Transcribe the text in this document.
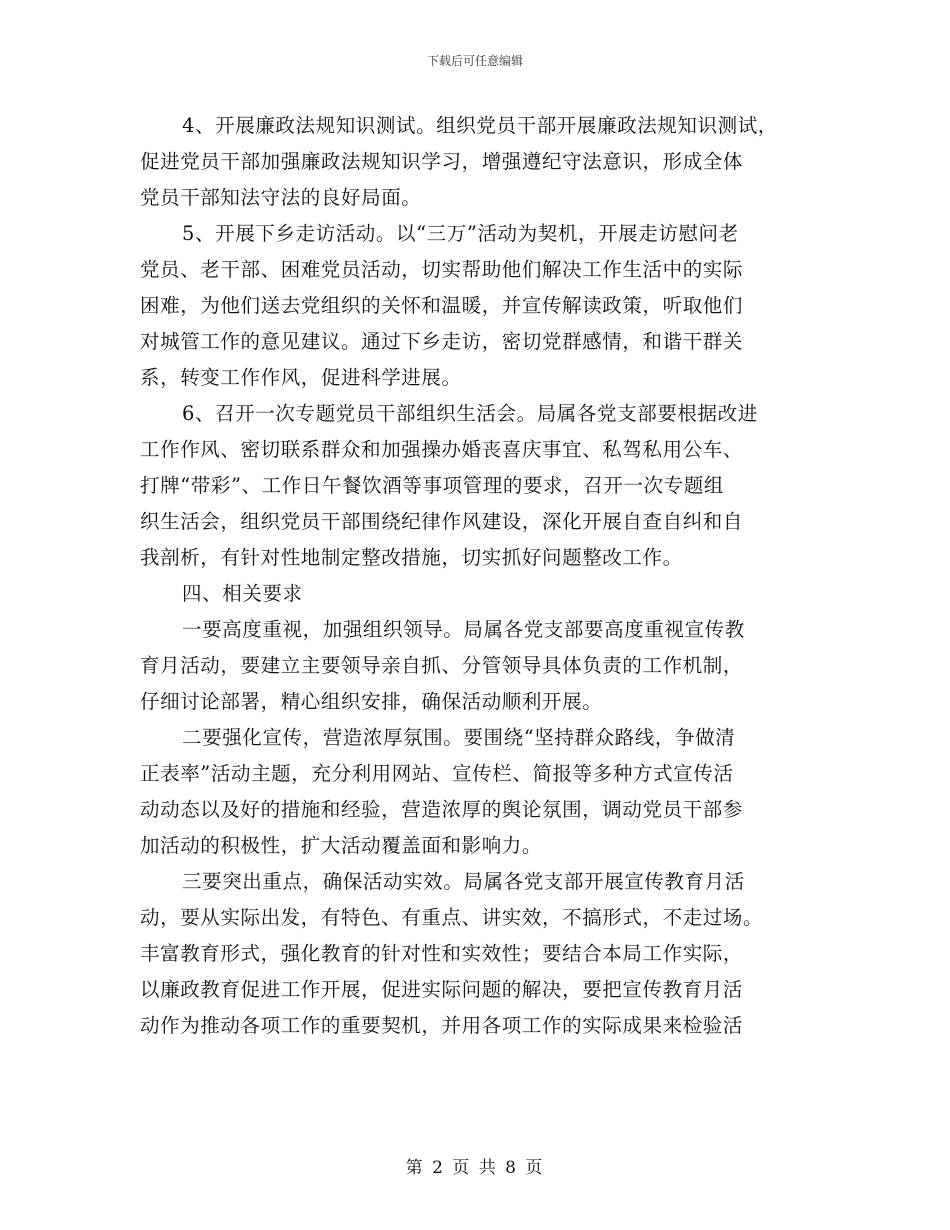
下载后可任意编辑
4、开展廉政法规知识测试。组织党员干部开展廉政法规知识测试，
促进党员干部加强廉政法规知识学习，增强遵纪守法意识，形成全体
党员干部知法守法的良好局面。
5、开展下乡走访活动。以“三万”活动为契机，开展走访慰问老
党员、老干部、困难党员活动，切实帮助他们解决工作生活中的实际
困难，为他们送去党组织的关怀和温暖，并宣传解读政策，听取他们
对城管工作的意见建议。通过下乡走访，密切党群感情，和谐干群关
系，转变工作作风，促进科学进展。
6、召开一次专题党员干部组织生活会。局属各党支部要根据改进
工作作风、密切联系群众和加强操办婚丧喜庆事宜、私驾私用公车、
打牌“带彩”、工作日午餐饮酒等事项管理的要求，召开一次专题组
织生活会，组织党员干部围绕纪律作风建设，深化开展自查自纠和自
我剖析，有针对性地制定整改措施，切实抓好问题整改工作。
四、相关要求
一要高度重视，加强组织领导。局属各党支部要高度重视宣传教
育月活动，要建立主要领导亲自抓、分管领导具体负责的工作机制，
仔细讨论部署，精心组织安排，确保活动顺利开展。
二要强化宣传，营造浓厚氛围。要围绕“坚持群众路线，争做清
正表率”活动主题，充分利用网站、宣传栏、简报等多种方式宣传活
动动态以及好的措施和经验，营造浓厚的舆论氛围，调动党员干部参
加活动的积极性，扩大活动覆盖面和影响力。
三要突出重点，确保活动实效。局属各党支部开展宣传教育月活
动，要从实际出发，有特色、有重点、讲实效，不搞形式，不走过场。
丰富教育形式，强化教育的针对性和实效性；要结合本局工作实际，
以廉政教育促进工作开展，促进实际问题的解决，要把宣传教育月活
动作为推动各项工作的重要契机，并用各项工作的实际成果来检验活
第 2 页 共 8 页
